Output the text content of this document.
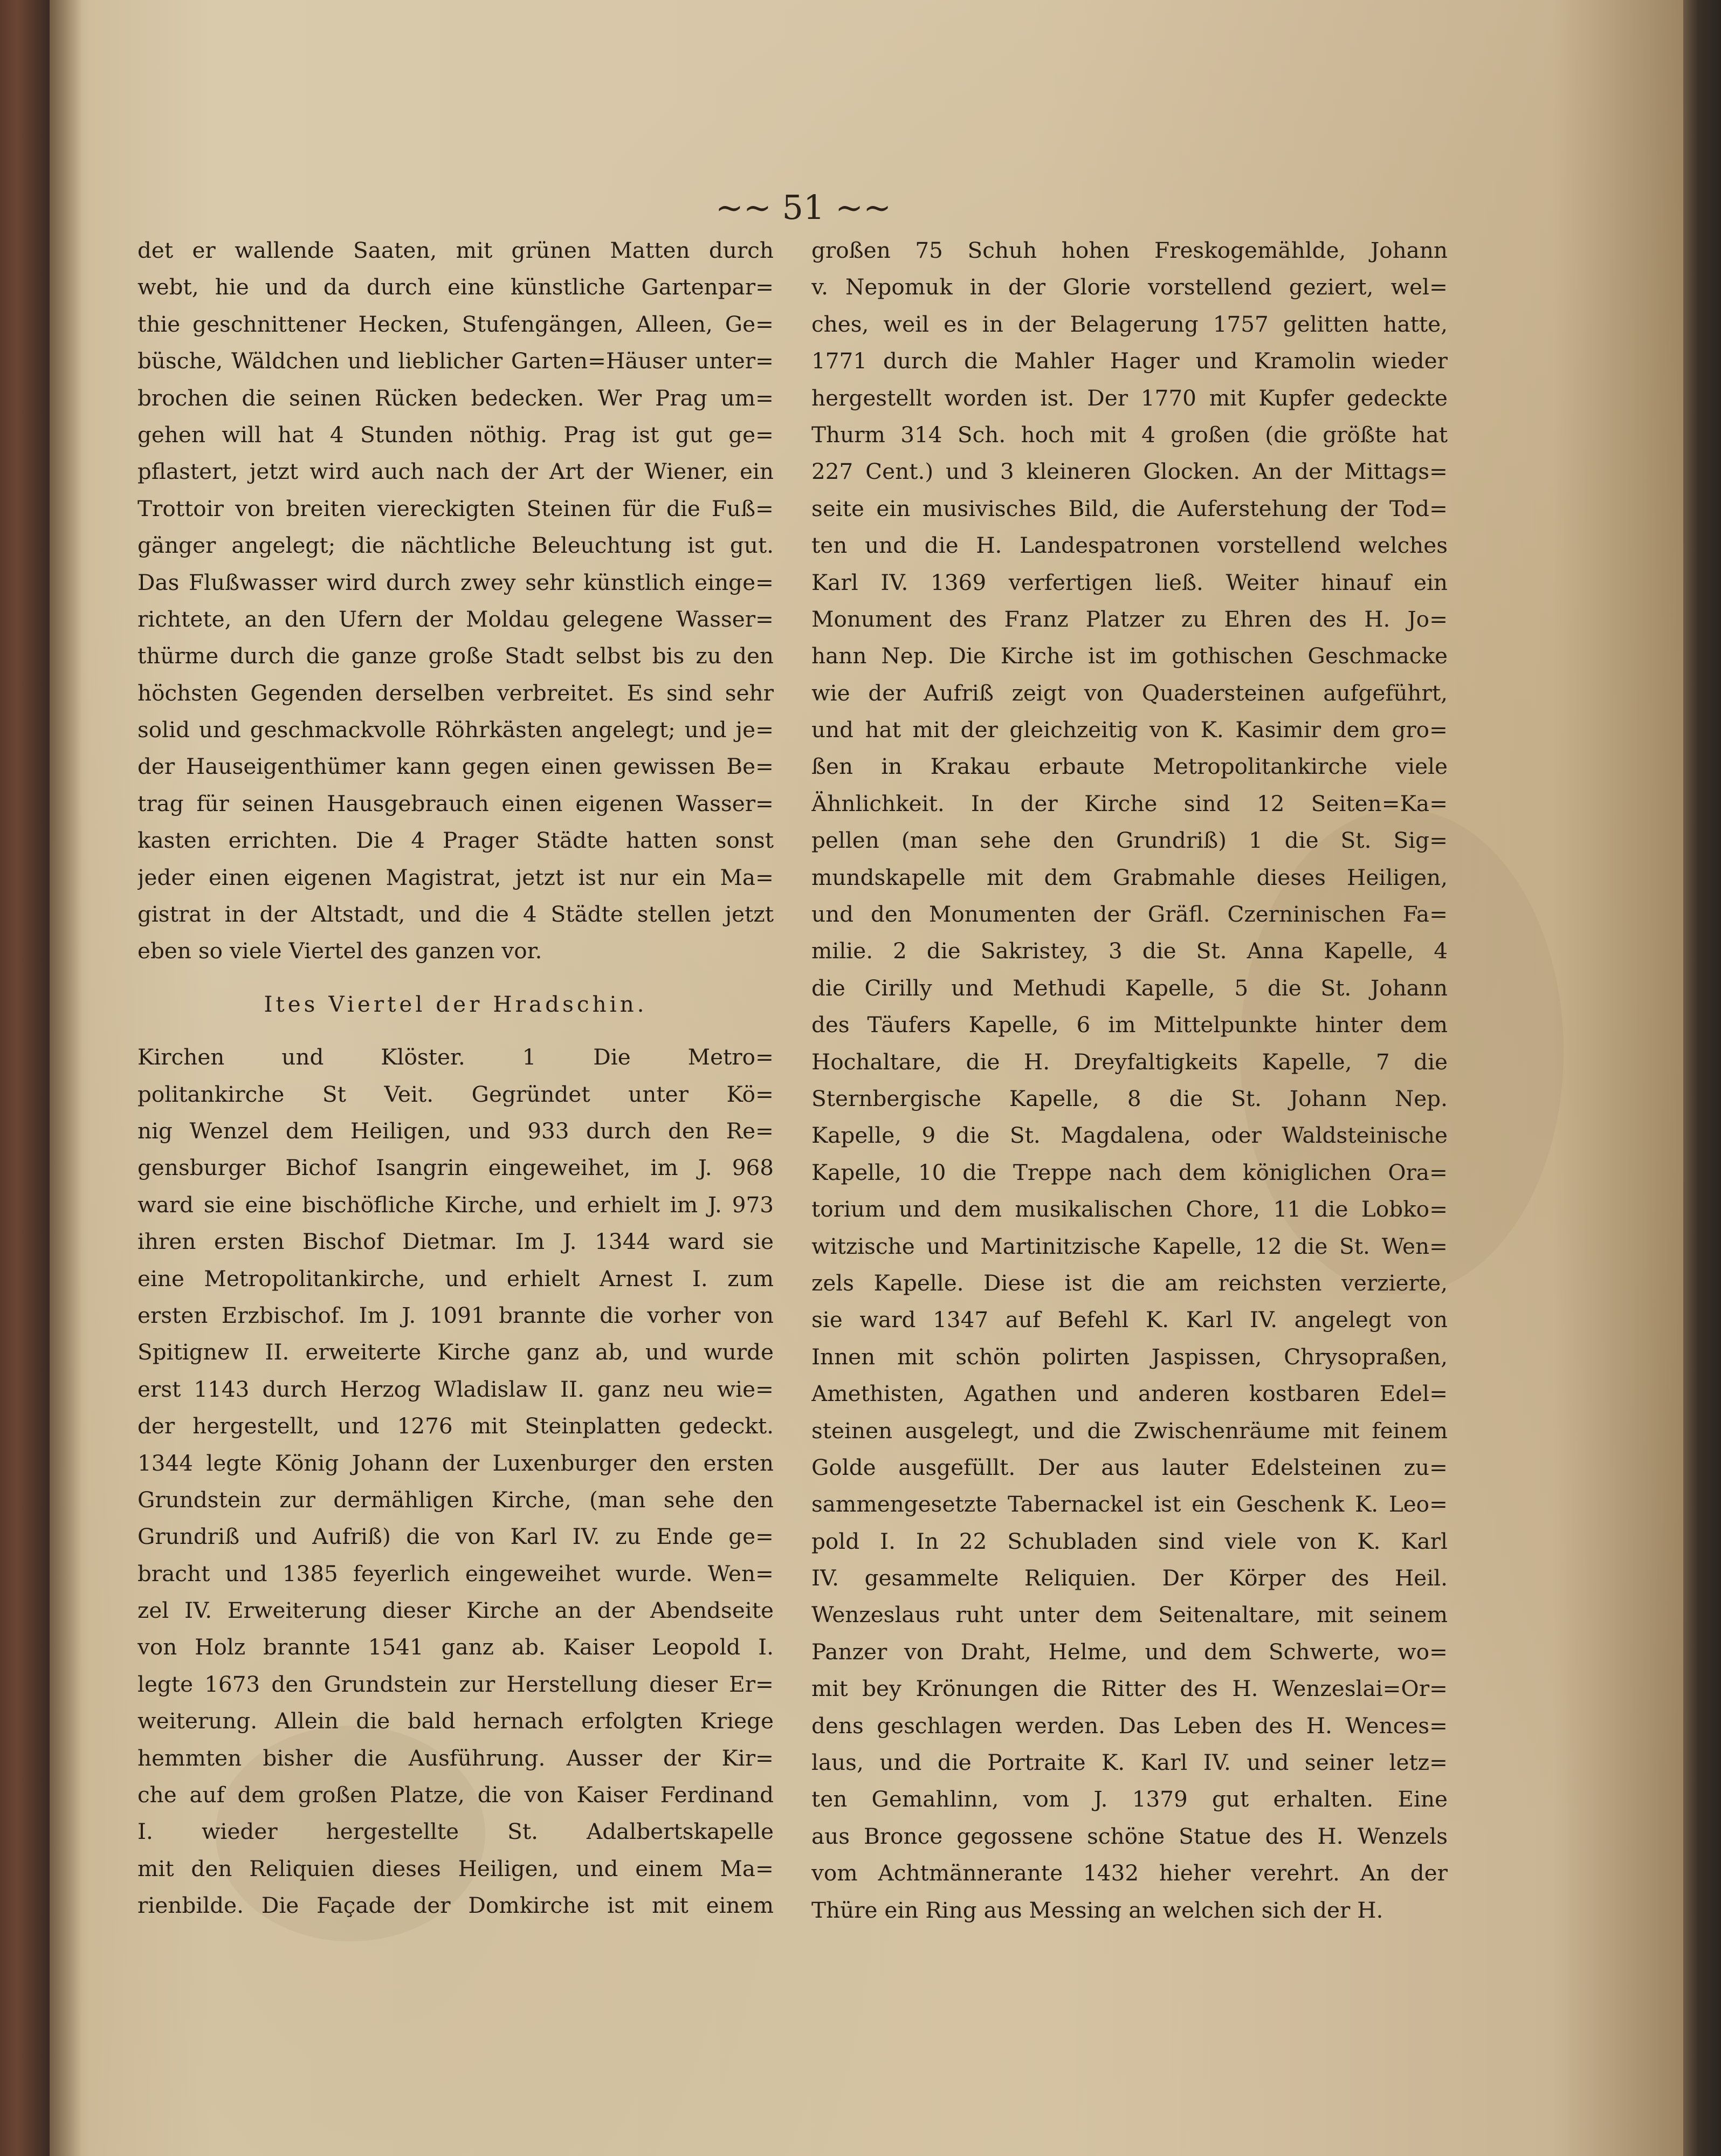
~~ 51 ~~
det er wallende Saaten, mit grünen Matten durch
webt, hie und da durch eine künstliche Gartenpar=
thie geschnittener Hecken, Stufengängen, Alleen, Ge=
büsche, Wäldchen und lieblicher Garten=Häuser unter=
brochen die seinen Rücken bedecken. Wer Prag um=
gehen will hat 4 Stunden nöthig. Prag ist gut ge=
pflastert, jetzt wird auch nach der Art der Wiener, ein
Trottoir von breiten viereckigten Steinen für die Fuß=
gänger angelegt; die nächtliche Beleuchtung ist gut.
Das Flußwasser wird durch zwey sehr künstlich einge=
richtete, an den Ufern der Moldau gelegene Wasser=
thürme durch die ganze große Stadt selbst bis zu den
höchsten Gegenden derselben verbreitet. Es sind sehr
solid und geschmackvolle Röhrkästen angelegt; und je=
der Hauseigenthümer kann gegen einen gewissen Be=
trag für seinen Hausgebrauch einen eigenen Wasser=
kasten errichten. Die 4 Prager Städte hatten sonst
jeder einen eigenen Magistrat, jetzt ist nur ein Ma=
gistrat in der Altstadt, und die 4 Städte stellen jetzt
eben so viele Viertel des ganzen vor.
Ites Viertel der Hradschin.
Kirchen und Klöster. 1 Die Metro=
politankirche St Veit. Gegründet unter Kö=
nig Wenzel dem Heiligen, und 933 durch den Re=
gensburger Bichof Isangrin eingeweihet, im J. 968
ward sie eine bischöfliche Kirche, und erhielt im J. 973
ihren ersten Bischof Dietmar. Im J. 1344 ward sie
eine Metropolitankirche, und erhielt Arnest I. zum
ersten Erzbischof. Im J. 1091 brannte die vorher von
Spitignew II. erweiterte Kirche ganz ab, und wurde
erst 1143 durch Herzog Wladislaw II. ganz neu wie=
der hergestellt, und 1276 mit Steinplatten gedeckt.
1344 legte König Johann der Luxenburger den ersten
Grundstein zur dermähligen Kirche, (man sehe den
Grundriß und Aufriß) die von Karl IV. zu Ende ge=
bracht und 1385 feyerlich eingeweihet wurde. Wen=
zel IV. Erweiterung dieser Kirche an der Abendseite
von Holz brannte 1541 ganz ab. Kaiser Leopold I.
legte 1673 den Grundstein zur Herstellung dieser Er=
weiterung. Allein die bald hernach erfolgten Kriege
hemmten bisher die Ausführung. Ausser der Kir=
che auf dem großen Platze, die von Kaiser Ferdinand
I. wieder hergestellte St. Adalbertskapelle
mit den Reliquien dieses Heiligen, und einem Ma=
rienbilde. Die Façade der Domkirche ist mit einem
großen 75 Schuh hohen Freskogemählde, Johann
v. Nepomuk in der Glorie vorstellend geziert, wel=
ches, weil es in der Belagerung 1757 gelitten hatte,
1771 durch die Mahler Hager und Kramolin wieder
hergestellt worden ist. Der 1770 mit Kupfer gedeckte
Thurm 314 Sch. hoch mit 4 großen (die größte hat
227 Cent.) und 3 kleineren Glocken. An der Mittags=
seite ein musivisches Bild, die Auferstehung der Tod=
ten und die H. Landespatronen vorstellend welches
Karl IV. 1369 verfertigen ließ. Weiter hinauf ein
Monument des Franz Platzer zu Ehren des H. Jo=
hann Nep. Die Kirche ist im gothischen Geschmacke
wie der Aufriß zeigt von Quadersteinen aufgeführt,
und hat mit der gleichzeitig von K. Kasimir dem gro=
ßen in Krakau erbaute Metropolitankirche viele
Ähnlichkeit. In der Kirche sind 12 Seiten=Ka=
pellen (man sehe den Grundriß) 1 die St. Sig=
mundskapelle mit dem Grabmahle dieses Heiligen,
und den Monumenten der Gräfl. Czerninischen Fa=
milie. 2 die Sakristey, 3 die St. Anna Kapelle, 4
die Cirilly und Methudi Kapelle, 5 die St. Johann
des Täufers Kapelle, 6 im Mittelpunkte hinter dem
Hochaltare, die H. Dreyfaltigkeits Kapelle, 7 die
Sternbergische Kapelle, 8 die St. Johann Nep.
Kapelle, 9 die St. Magdalena, oder Waldsteinische
Kapelle, 10 die Treppe nach dem königlichen Ora=
torium und dem musikalischen Chore, 11 die Lobko=
witzische und Martinitzische Kapelle, 12 die St. Wen=
zels Kapelle. Diese ist die am reichsten verzierte,
sie ward 1347 auf Befehl K. Karl IV. angelegt von
Innen mit schön polirten Jaspissen, Chrysopraßen,
Amethisten, Agathen und anderen kostbaren Edel=
steinen ausgelegt, und die Zwischenräume mit feinem
Golde ausgefüllt. Der aus lauter Edelsteinen zu=
sammengesetzte Tabernackel ist ein Geschenk K. Leo=
pold I. In 22 Schubladen sind viele von K. Karl
IV. gesammelte Reliquien. Der Körper des Heil.
Wenzeslaus ruht unter dem Seitenaltare, mit seinem
Panzer von Draht, Helme, und dem Schwerte, wo=
mit bey Krönungen die Ritter des H. Wenzeslai=Or=
dens geschlagen werden. Das Leben des H. Wences=
laus, und die Portraite K. Karl IV. und seiner letz=
ten Gemahlinn, vom J. 1379 gut erhalten. Eine
aus Bronce gegossene schöne Statue des H. Wenzels
vom Achtmännerante 1432 hieher verehrt. An der
Thüre ein Ring aus Messing an welchen sich der H.
